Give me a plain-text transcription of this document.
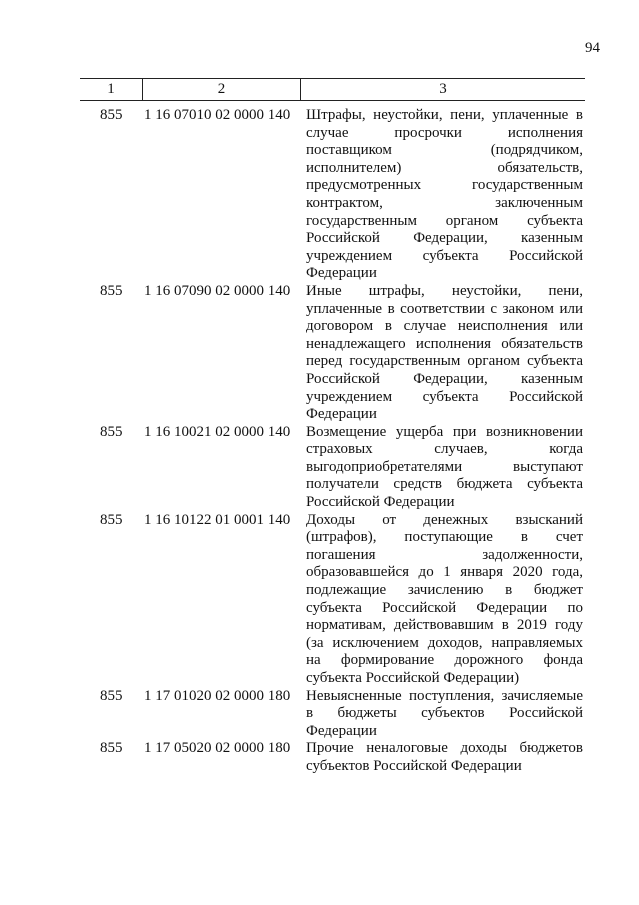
94
1	2	3
855	1 16 07010 02 0000 140	Штрафы, неустойки, пени, уплаченные в случае просрочки исполнения поставщиком (подрядчиком, исполнителем) обязательств, предусмотренных государственным контрактом, заключенным государственным органом субъекта Российской Федерации, казенным учреждением субъекта Российской Федерации
855	1 16 07090 02 0000 140	Иные штрафы, неустойки, пени, уплаченные в соответствии с законом или договором в случае неисполнения или ненадлежащего исполнения обязательств перед государственным органом субъекта Российской Федерации, казенным учреждением субъекта Российской Федерации
855	1 16 10021 02 0000 140	Возмещение ущерба при возникновении страховых случаев, когда выгодоприобретателями выступают получатели средств бюджета субъекта Российской Федерации
855	1 16 10122 01 0001 140	Доходы от денежных взысканий (штрафов), поступающие в счет погашения задолженности, образовавшейся до 1 января 2020 года, подлежащие зачислению в бюджет субъекта Российской Федерации по нормативам, действовавшим в 2019 году (за исключением доходов, направляемых на формирование дорожного фонда субъекта Российской Федерации)
855	1 17 01020 02 0000 180	Невыясненные поступления, зачисляемые в бюджеты субъектов Российской Федерации
855	1 17 05020 02 0000 180	Прочие неналоговые доходы бюджетов субъектов Российской Федерации
